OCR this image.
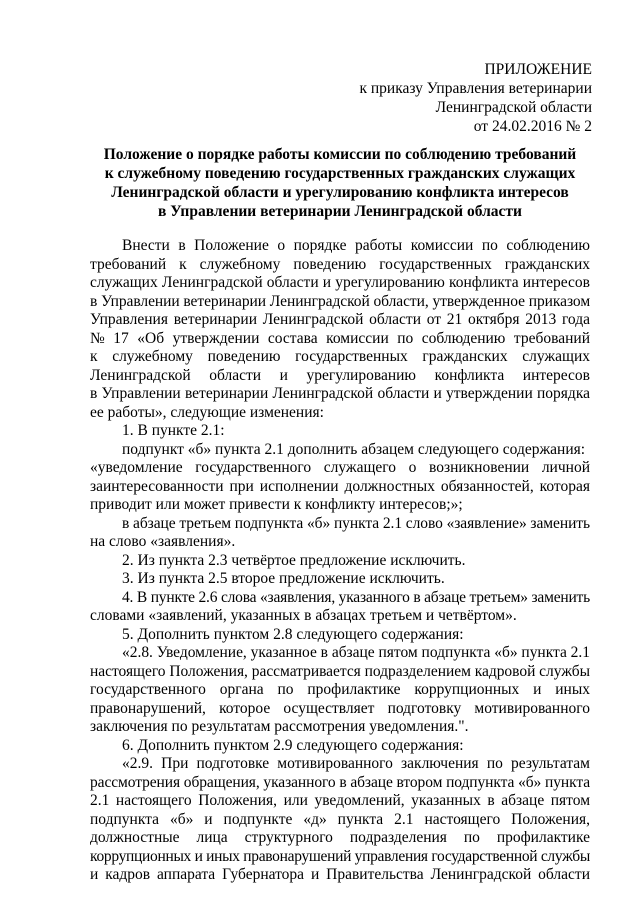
ПРИЛОЖЕНИЕ
к приказу Управления ветеринарии
Ленинградской области
от 24.02.2016 № 2
Положение о порядке работы комиссии по соблюдению требований
к служебному поведению государственных гражданских служащих
Ленинградской области и урегулированию конфликта интересов
в Управлении ветеринарии Ленинградской области
Внести в Положение о порядке работы комиссии по соблюдению
требований к служебному поведению государственных гражданских
служащих Ленинградской области и урегулированию конфликта интересов
в Управлении ветеринарии Ленинградской области, утвержденное приказом
Управления ветеринарии Ленинградской области от 21 октября 2013 года
№ 17 «Об утверждении состава комиссии по соблюдению требований
к служебному поведению государственных гражданских служащих
Ленинградской области и урегулированию конфликта интересов
в Управлении ветеринарии Ленинградской области и утверждении порядка
ее работы», следующие изменения:
1. В пункте 2.1:
подпункт «б» пункта 2.1 дополнить абзацем следующего содержания:
«уведомление государственного служащего о возникновении личной
заинтересованности при исполнении должностных обязанностей, которая
приводит или может привести к конфликту интересов;»;
в абзаце третьем подпункта «б» пункта 2.1 слово «заявление» заменить
на слово «заявления».
2. Из пункта 2.3 четвёртое предложение исключить.
3. Из пункта 2.5 второе предложение исключить.
4. В пункте 2.6 слова «заявления, указанного в абзаце третьем» заменить
словами «заявлений, указанных в абзацах третьем и четвёртом».
5. Дополнить пунктом 2.8 следующего содержания:
«2.8. Уведомление, указанное в абзаце пятом подпункта «б» пункта 2.1
настоящего Положения, рассматривается подразделением кадровой службы
государственного органа по профилактике коррупционных и иных
правонарушений, которое осуществляет подготовку мотивированного
заключения по результатам рассмотрения уведомления.".
6. Дополнить пунктом 2.9 следующего содержания:
«2.9. При подготовке мотивированного заключения по результатам
рассмотрения обращения, указанного в абзаце втором подпункта «б» пункта
2.1 настоящего Положения, или уведомлений, указанных в абзаце пятом
подпункта «б» и подпункте «д» пункта 2.1 настоящего Положения,
должностные лица структурного подразделения по профилактике
коррупционных и иных правонарушений управления государственной службы
и кадров аппарата Губернатора и Правительства Ленинградской области
